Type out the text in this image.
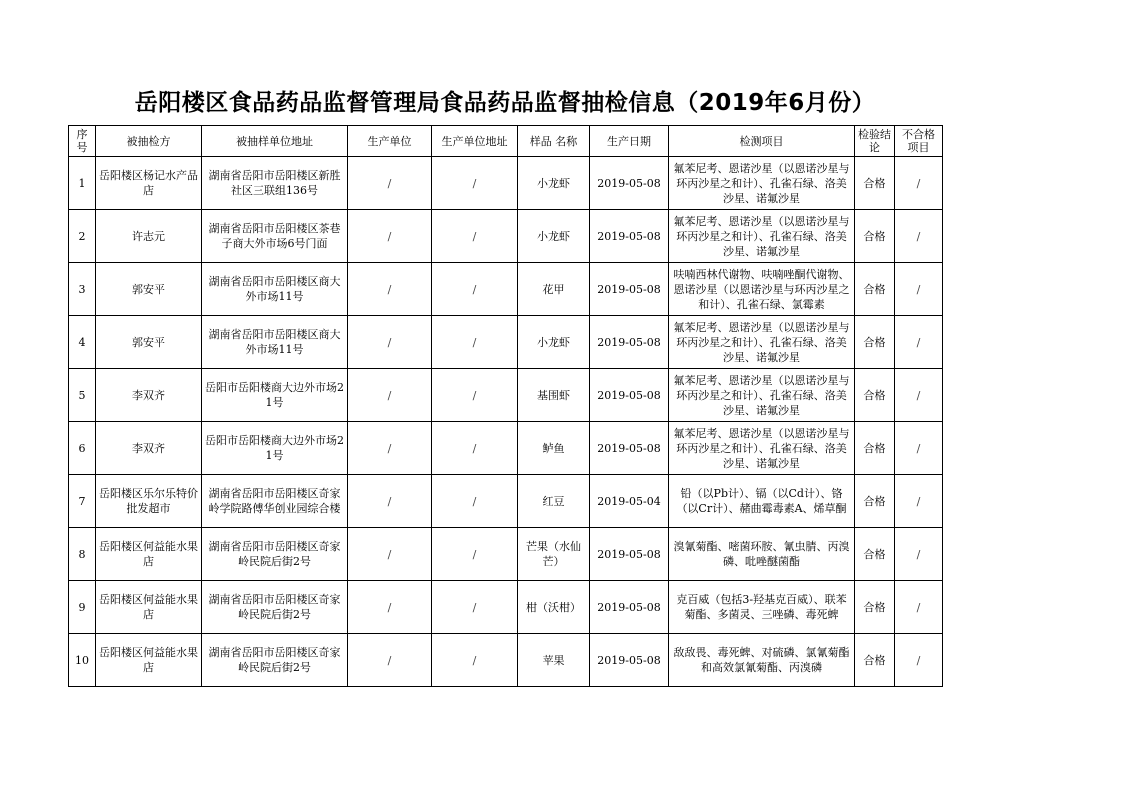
岳阳楼区食品药品监督管理局食品药品监督抽检信息（2019年6月份）
序号	被抽检方	被抽样单位地址	生产单位	生产单位地址	样品 名称	生产日期	检测项目	检验结论	不合格项目
1	岳阳楼区杨记水产品店	湖南省岳阳市岳阳楼区新胜社区三联组136号	/	/	小龙虾	2019-05-08	氟苯尼考、恩诺沙星（以恩诺沙星与环丙沙星之和计）、孔雀石绿、洛美沙星、诺氟沙星	合格	/
2	许志元	湖南省岳阳市岳阳楼区茶巷子商大外市场6号门面	/	/	小龙虾	2019-05-08	氟苯尼考、恩诺沙星（以恩诺沙星与环丙沙星之和计）、孔雀石绿、洛美沙星、诺氟沙星	合格	/
3	郭安平	湖南省岳阳市岳阳楼区商大外市场11号	/	/	花甲	2019-05-08	呋喃西林代谢物、呋喃唑酮代谢物、恩诺沙星（以恩诺沙星与环丙沙星之和计）、孔雀石绿、氯霉素	合格	/
4	郭安平	湖南省岳阳市岳阳楼区商大外市场11号	/	/	小龙虾	2019-05-08	氟苯尼考、恩诺沙星（以恩诺沙星与环丙沙星之和计）、孔雀石绿、洛美沙星、诺氟沙星	合格	/
5	李双齐	岳阳市岳阳楼商大边外市场21号	/	/	基围虾	2019-05-08	氟苯尼考、恩诺沙星（以恩诺沙星与环丙沙星之和计）、孔雀石绿、洛美沙星、诺氟沙星	合格	/
6	李双齐	岳阳市岳阳楼商大边外市场21号	/	/	鲈鱼	2019-05-08	氟苯尼考、恩诺沙星（以恩诺沙星与环丙沙星之和计）、孔雀石绿、洛美沙星、诺氟沙星	合格	/
7	岳阳楼区乐尔乐特价批发超市	湖南省岳阳市岳阳楼区奇家岭学院路傅华创业园综合楼	/	/	红豆	2019-05-04	铅（以Pb计）、镉（以Cd计）、铬（以Cr计）、赭曲霉毒素A、烯草酮	合格	/
8	岳阳楼区何益能水果店	湖南省岳阳市岳阳楼区奇家岭民院后街2号	/	/	芒果（水仙芒）	2019-05-08	溴氰菊酯、嘧菌环胺、氰虫腈、丙溴磷、吡唑醚菌酯	合格	/
9	岳阳楼区何益能水果店	湖南省岳阳市岳阳楼区奇家岭民院后街2号	/	/	柑（沃柑）	2019-05-08	克百威（包括3-羟基克百威）、联苯菊酯、多菌灵、三唑磷、毒死蜱	合格	/
10	岳阳楼区何益能水果店	湖南省岳阳市岳阳楼区奇家岭民院后街2号	/	/	苹果	2019-05-08	敌敌畏、毒死蜱、对硫磷、氯氰菊酯和高效氯氰菊酯、丙溴磷	合格	/
